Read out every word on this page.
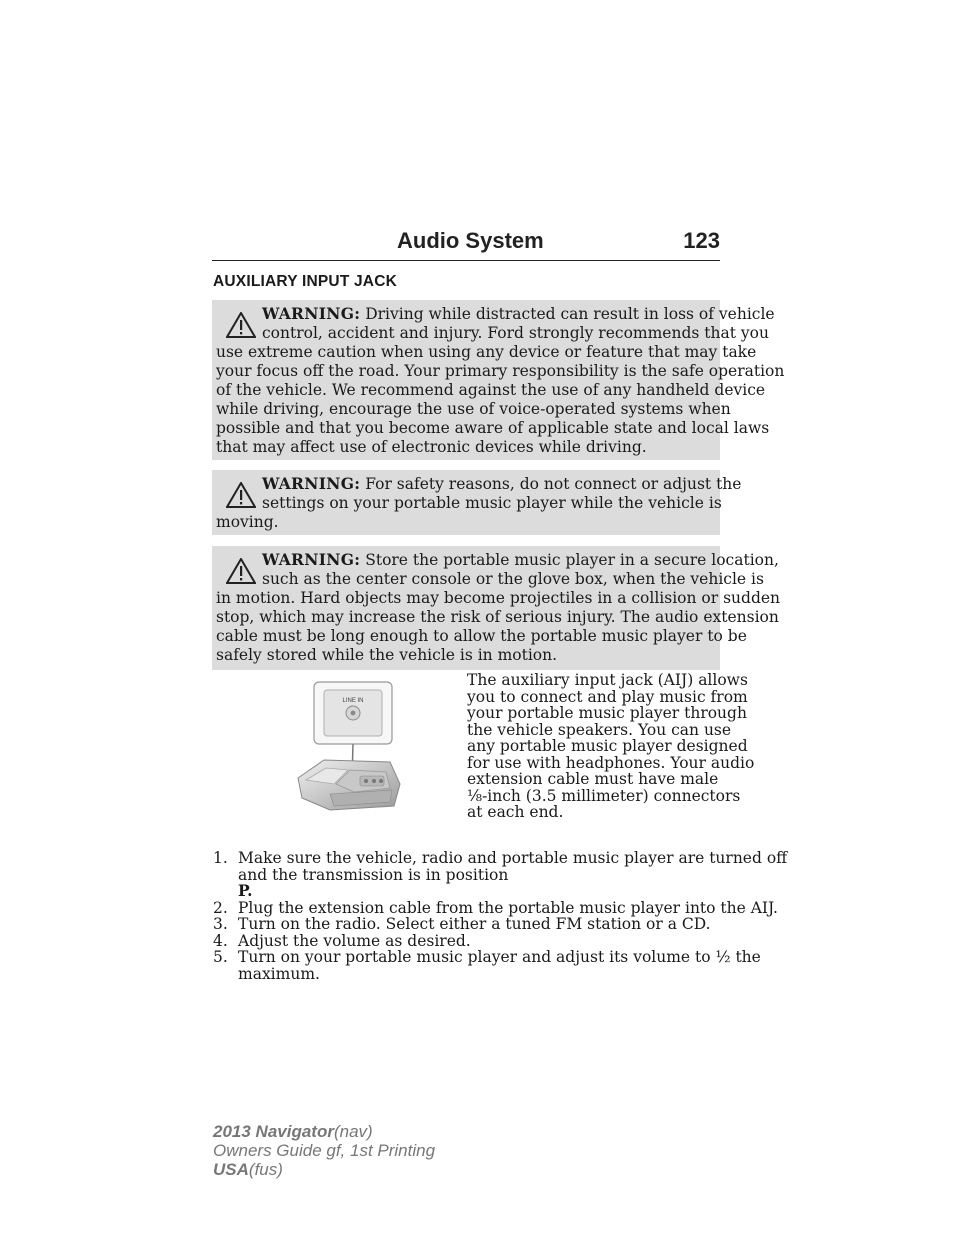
Audio System	123
AUXILIARY INPUT JACK
WARNING: Driving while distracted can result in loss of vehicle
control, accident and injury. Ford strongly recommends that you
use extreme caution when using any device or feature that may take
your focus off the road. Your primary responsibility is the safe operation
of the vehicle. We recommend against the use of any handheld device
while driving, encourage the use of voice-operated systems when
possible and that you become aware of applicable state and local laws
that may affect use of electronic devices while driving.
WARNING: For safety reasons, do not connect or adjust the
settings on your portable music player while the vehicle is
moving.
WARNING: Store the portable music player in a secure location,
such as the center console or the glove box, when the vehicle is
in motion. Hard objects may become projectiles in a collision or sudden
stop, which may increase the risk of serious injury. The audio extension
cable must be long enough to allow the portable music player to be
safely stored while the vehicle is in motion.
LINE IN
The auxiliary input jack (AIJ) allows
you to connect and play music from
your portable music player through
the vehicle speakers. You can use
any portable music player designed
for use with headphones. Your audio
extension cable must have male
⅛-inch (3.5 millimeter) connectors
at each end.
1. Make sure the vehicle, radio and portable music player are turned off
and the transmission is in position
P.
2. Plug the extension cable from the portable music player into the AIJ.
3. Turn on the radio. Select either a tuned FM station or a CD.
4. Adjust the volume as desired.
5. Turn on your portable music player and adjust its volume to ½ the
maximum.
2013 Navigator(nav)
Owners Guide gf, 1st Printing
USA(fus)
